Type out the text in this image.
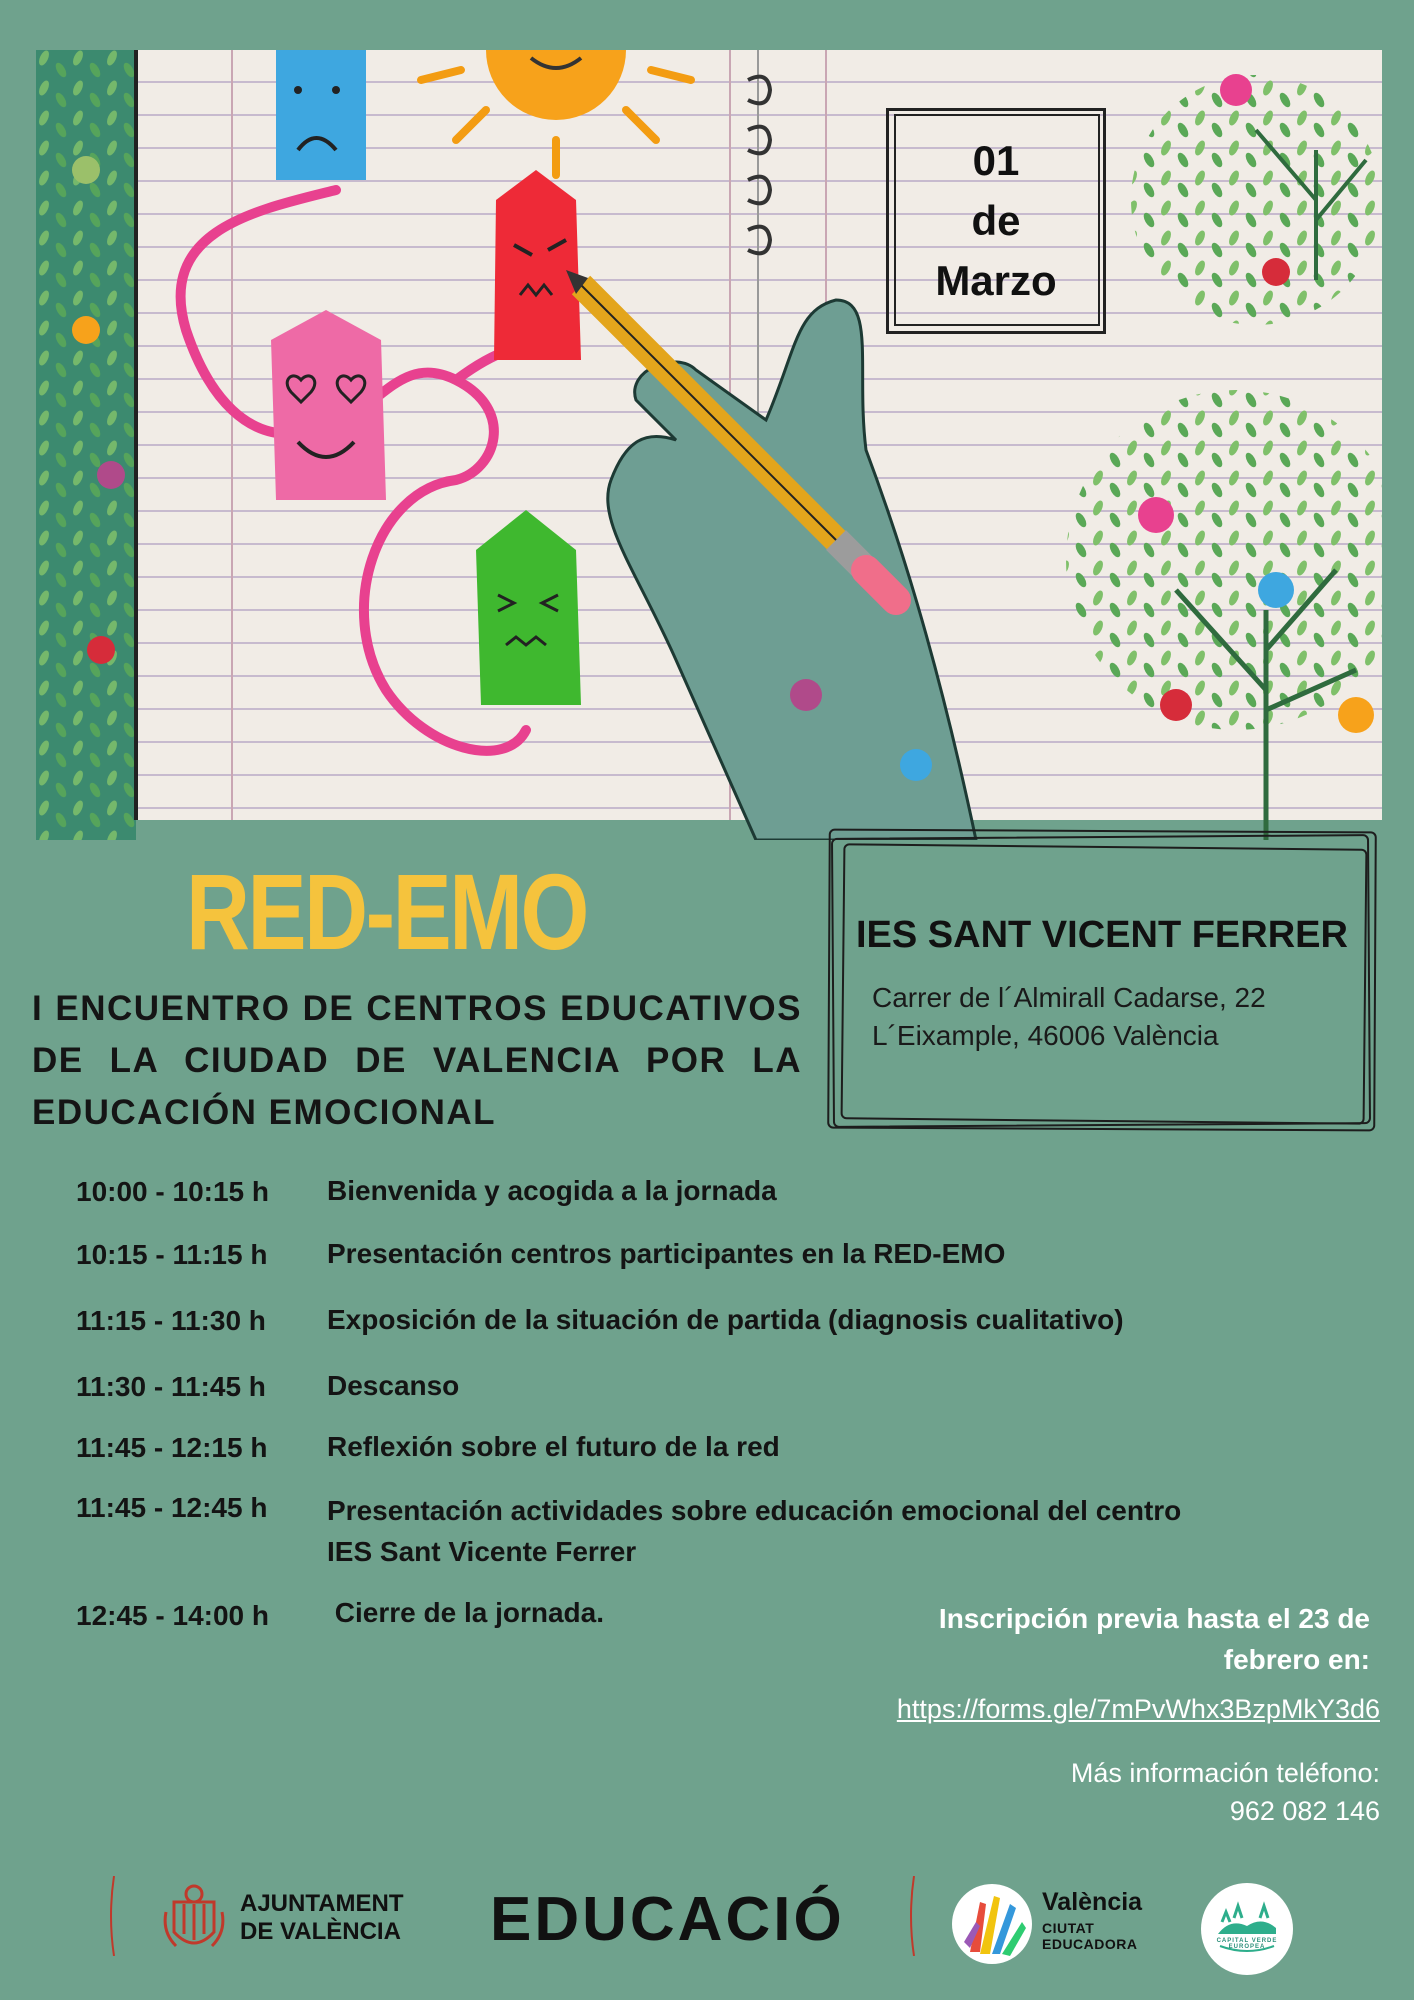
01
de
Marzo
RED-EMO
I ENCUENTRO DE CENTROS EDUCATIVOS DE LA CIUDAD DE VALENCIA POR LA EDUCACIÓN EMOCIONAL
IES SANT VICENT FERRER
Carrer de l´Almirall Cadarse, 22
L´Eixample, 46006 València
10:00 - 10:15 h	Bienvenida y acogida a la jornada
10:15 - 11:15 h	Presentación centros participantes en la RED-EMO
11:15 - 11:30 h	Exposición de la situación de partida (diagnosis cualitativo)
11:30 - 11:45 h	Descanso
11:45 - 12:15 h	Reflexión sobre el futuro de la red
11:45 - 12:45 h	Presentación actividades sobre educación emocional del centro IES Sant Vicente Ferrer
12:45 - 14:00 h	Cierre de la jornada.	Inscripción previa hasta el 23 de febrero en:
https://forms.gle/7mPvWhx3BzpMkY3d6
Más información teléfono:
962 082 146
AJUNTAMENT
DE VALÈNCIA EDUCACIÓ	València
CIUTAT
EDUCADORA	CAPITAL VERDE EUROPEA
